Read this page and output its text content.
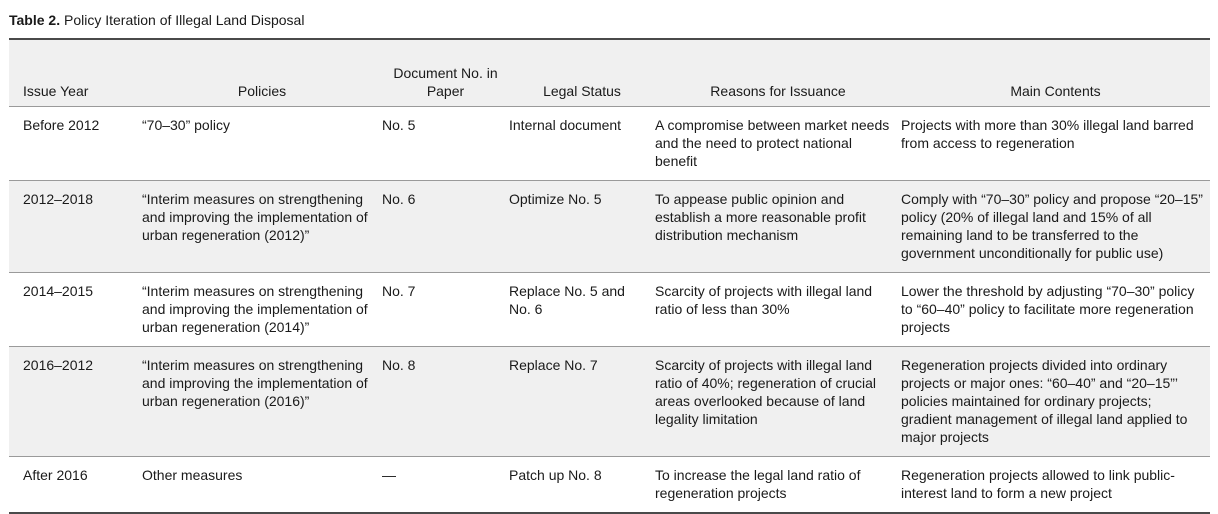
Table 2. Policy Iteration of Illegal Land Disposal
Issue Year	Policies	Document No. in Paper	Legal Status	Reasons for Issuance	Main Contents
Before 2012	“70–30” policy	No. 5	Internal document	A compromise between market needs and the need to protect national benefit	Projects with more than 30% illegal land barred from access to regeneration
2012–2018	“Interim measures on strengthening and improving the implementation of urban regeneration (2012)”	No. 6	Optimize No. 5	To appease public opinion and establish a more reasonable profit distribution mechanism	Comply with “70–30” policy and propose “20–15” policy (20% of illegal land and 15% of all remaining land to be transferred to the government unconditionally for public use)
2014–2015	“Interim measures on strengthening and improving the implementation of urban regeneration (2014)”	No. 7	Replace No. 5 and No. 6	Scarcity of projects with illegal land ratio of less than 30%	Lower the threshold by adjusting “70–30” policy to “60–40” policy to facilitate more regeneration projects
2016–2012	“Interim measures on strengthening and improving the implementation of urban regeneration (2016)”	No. 8	Replace No. 7	Scarcity of projects with illegal land ratio of 40%; regeneration of crucial areas overlooked because of land legality limitation	Regeneration projects divided into ordinary projects or major ones: “60–40” and “20–15”’ policies maintained for ordinary projects; gradient management of illegal land applied to major projects
After 2016	Other measures	—	Patch up No. 8	To increase the legal land ratio of regeneration projects	Regeneration projects allowed to link public-interest land to form a new project
